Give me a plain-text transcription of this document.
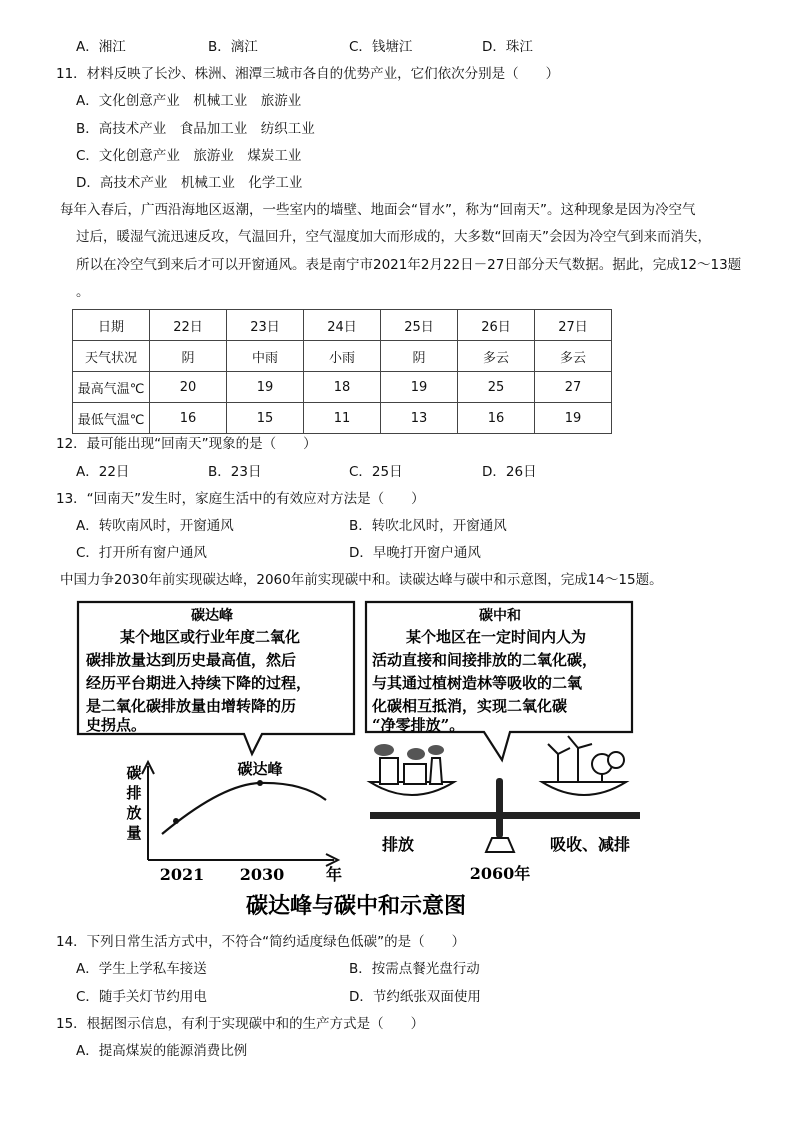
A．湘江	B．漓江	C．钱塘江	D．珠江
11．材料反映了长沙、株洲、湘潭三城市各自的优势产业，它们依次分别是（　　）
A．文化创意产业　机械工业　旅游业
B．高技术产业　食品加工业　纺织工业
C．文化创意产业　旅游业　煤炭工业
D．高技术产业　机械工业　化学工业
每年入春后，广西沿海地区返潮，一些室内的墙壁、地面会“冒水”，称为“回南天”。这种现象是因为冷空气
过后，暖湿气流迅速反攻，气温回升，空气湿度加大而形成的，大多数“回南天”会因为冷空气到来而消失，
所以在冷空气到来后才可以开窗通风。表是南宁市2021年2月22日－27日部分天气数据。据此，完成12～13题
。
日期	22日	23日	24日	25日	26日	27日
天气状况	阴	中雨	小雨	阴	多云	多云
最高气温℃	20	19	18	19	25	27
最低气温℃	16	15	11	13	16	19
12．最可能出现“回南天”现象的是（　　）
A．22日	B．23日	C．25日	D．26日
13．“回南天”发生时，家庭生活中的有效应对方法是（　　）
A．转吹南风时，开窗通风	B．转吹北风时，开窗通风
C．打开所有窗户通风	D．早晚打开窗户通风
中国力争2030年前实现碳达峰，2060年前实现碳中和。读碳达峰与碳中和示意图，完成14～15题。
碳达峰
某个地区或行业年度二氧化
碳排放量达到历史最高值，然后
经历平台期进入持续下降的过程，
是二氧化碳排放量由增转降的历
史拐点。
碳中和
某个地区在一定时间内人为
活动直接和间接排放的二氧化碳，
与其通过植树造林等吸收的二氧
化碳相互抵消，实现二氧化碳
“净零排放”。
碳
排
放
量
碳达峰
2021 2030	年
排放	吸收、减排
2060年
碳达峰与碳中和示意图
14．下列日常生活方式中，不符合“简约适度绿色低碳”的是（　　）
A．学生上学私车接送	B．按需点餐光盘行动
C．随手关灯节约用电	D．节约纸张双面使用
15．根据图示信息，有利于实现碳中和的生产方式是（　　）
A．提高煤炭的能源消费比例
